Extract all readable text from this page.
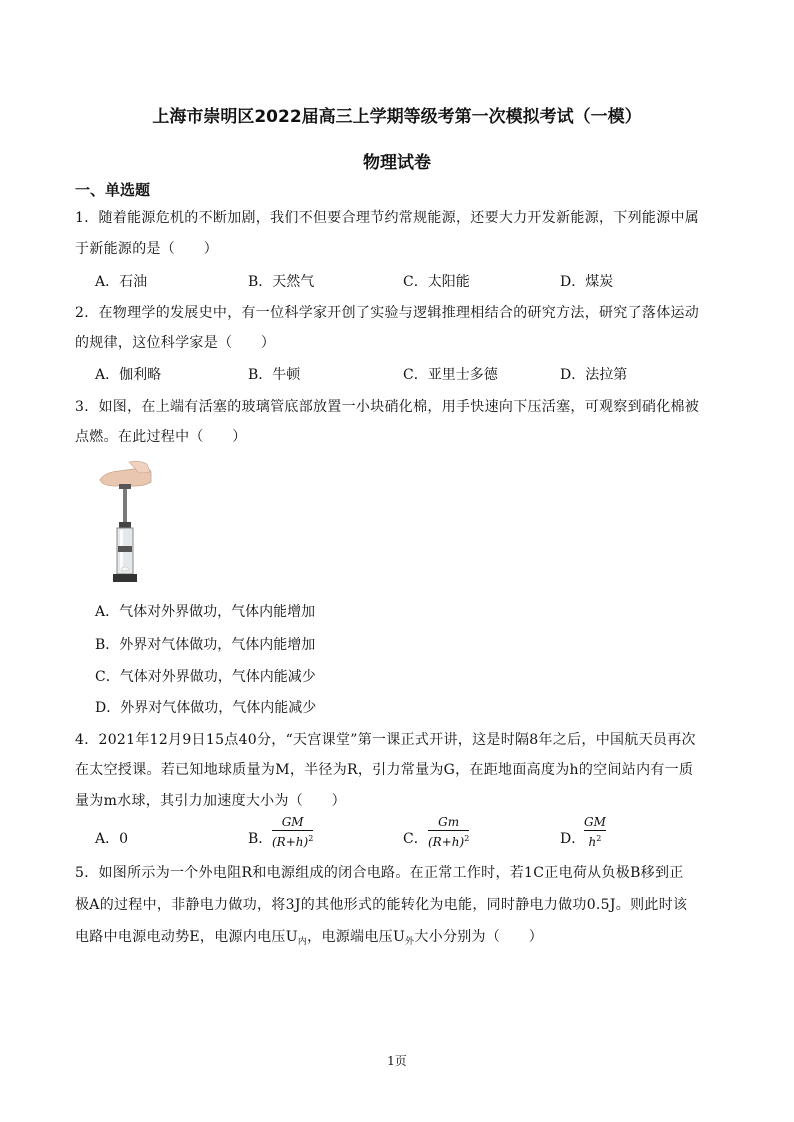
上海市崇明区2022届高三上学期等级考第一次模拟考试（一模）
物理试卷
一、单选题
1．随着能源危机的不断加剧，我们不但要合理节约常规能源，还要大力开发新能源，下列能源中属
于新能源的是（　　）
A．石油	B．天然气	C．太阳能	D．煤炭
2．在物理学的发展史中，有一位科学家开创了实验与逻辑推理相结合的研究方法，研究了落体运动
的规律，这位科学家是（　　）
A．伽利略	B．牛顿	C．亚里士多德	D．法拉第
3．如图，在上端有活塞的玻璃管底部放置一小块硝化棉，用手快速向下压活塞，可观察到硝化棉被
点燃。在此过程中（　　）
A．气体对外界做功，气体内能增加
B．外界对气体做功，气体内能增加
C．气体对外界做功，气体内能减少
D．外界对气体做功，气体内能减少
4．2021年12月9日15点40分，“天宫课堂”第一课正式开讲，这是时隔8年之后，中国航天员再次
在太空授课。若已知地球质量为M，半径为R，引力常量为G，在距地面高度为h的空间站内有一质
量为m水球，其引力加速度大小为（　　）
A．0	B．
GM
$(R+h)^2$	C．
Gm
$(R+h)^2$	D．
GM
$h^2$
5．如图所示为一个外电阻R和电源组成的闭合电路。在正常工作时，若1C正电荷从负极B移到正
极A的过程中，非静电力做功，将3J的其他形式的能转化为电能，同时静电力做功0.5J。则此时该
电路中电源电动势E，电源内电压$U_内$，电源端电压$U_外$大小分别为（　　）
1页
